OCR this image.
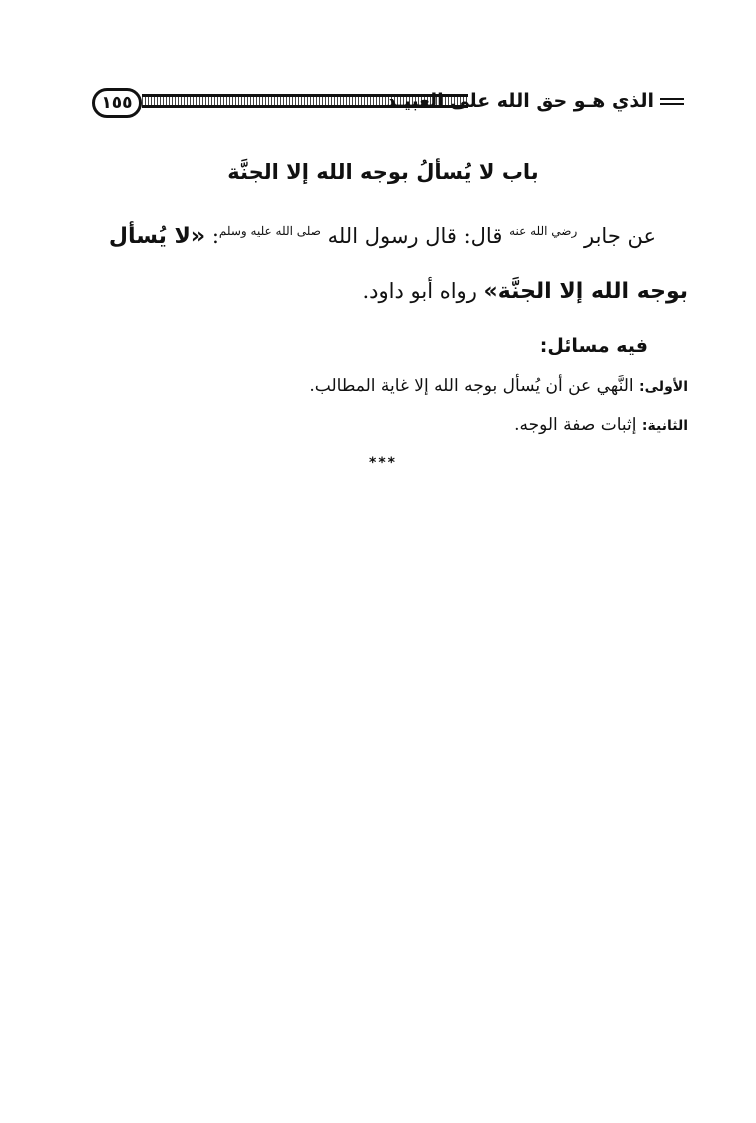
١٥٥	الذي هـو حق الله على العبيـد
باب لا يُسألُ بوجه الله إلا الجنَّة

عن جابر $^{رضي الله عنه}$ قال: قال رسول الله $^{صلى الله عليه وسلم}$: «لا يُسأل بوجه الله إلا الجنَّة» رواه أبو داود.

فيه مسائل:

الأولى: النَّهي عن أن يُسأل بوجه الله إلا غاية المطالب.

الثانية: إثبات صفة الوجه.

***
